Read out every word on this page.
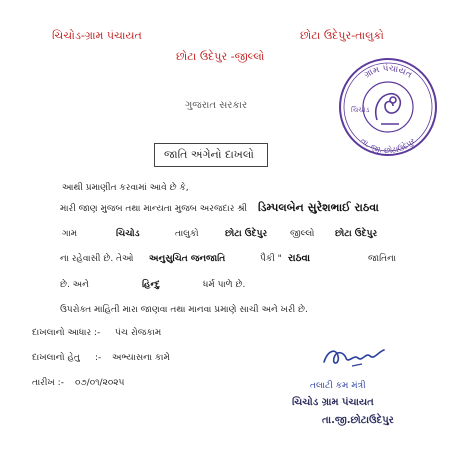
ચિચોડ-ગ્રામ પંચાયત	છોટા ઉદેપુર-તાલુકો
છોટા ઉદેપુર -જીલ્લો
ગ્રામ પંચાયત
તા. જી. છોટાઉદેપુર
ચિચોડ
ગુજરાત સરકાર
જાતિ અંગેનો દાખલો
આથી પ્રમાણીત કરવામાં આવે છે કે,
મારી જાણ મુજબ તથા માન્યતા મુજબ અરજદાર શ્રી ડિમ્પલબેન સુરેશભાઈ રાઠવા
ગામ	ચિચોડ	તાલુકો	છોટા ઉદેપુર	જીલ્લો છોટા ઉદેપુર
ના રહેવાસી છે. તેઓ અનુસુચિત જનજાતિ	પૈકી " રાઠવા	જાતિના
છે. અને	હિન્દુ	ધર્મ પાળે છે.
ઉપરોક્ત માહિતી મારા જાણવા તથા માનવા પ્રમાણે સાચી અને ખરી છે.
દાખલાનો આધાર :- પંચ રોજકામ
દાખલાનો હેતુ :- અભ્યાસના કામે
તારીખ :- ૦૭/૦૧/૨૦૨૫	તલાટી કમ મંત્રી
ચિચોડ ગ્રામ પંચાયત
તા.જી.છોટાઉદેપુર
